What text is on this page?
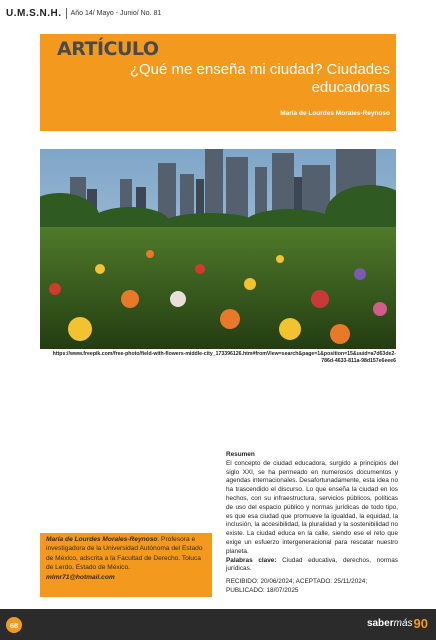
U.M.S.N.H. Año 14/ Mayo - Junio/ No. 81
ARTÍCULO
¿Qué me enseña mi ciudad? Ciudades educadoras
María de Lourdes Morales-Reynoso
https://www.freepik.com/free-photo/field-with-flowers-middle-city_173396126.htm#fromView=search&page=1&position=15&uuid=a7d63de2-786d-4633-811a-98d157e6eee6

Resumen

El concepto de ciudad educadora, surgido a principios del siglo XXI, se ha permeado en numerosos documentos y agendas internacionales. Desafortunadamente, esta idea no ha trascendido el discurso. Lo que enseña la ciudad en los hechos, con su infraestructura, servicios públicos, políticas de uso del espacio público y normas jurídicas de todo tipo, es que esa ciudad que promueve la igualdad, la equidad, la inclusión, la accesibilidad, la pluralidad y la sostenibilidad no existe. La ciudad educa en la calle, siendo ese el reto que exige un esfuerzo intergeneracional para rescatar nuestro planeta.

Palabras clave: Ciudad educativa, derechos, normas jurídicas.

RECIBIDO: 20/06/2024; ACEPTADO: 25/11/2024; PUBLICADO: 18/07/2025

María de Lourdes Morales-Reynoso. Profesora e investigadora de la Universidad Autónoma del Estado de México, adscrita a la Facultad de Derecho. Toluca de Lerdo, Estado de México.
mlmr71@hotmail.com
68	saber más 90
